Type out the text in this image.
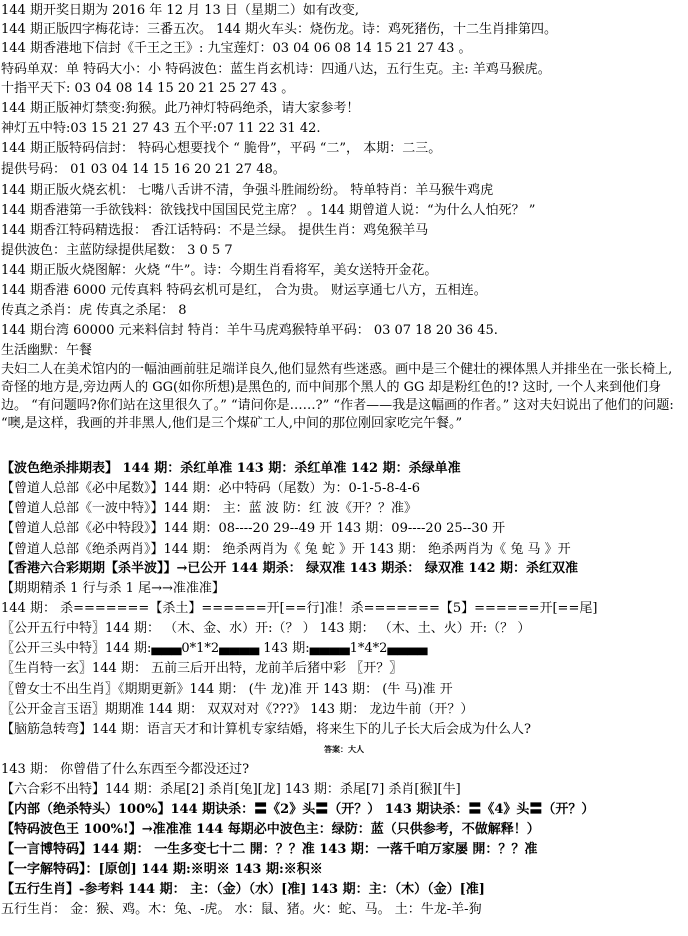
144 期开奖日期为 2016 年 12 月 13 日（星期二）如有改变,
144 期正版四字梅花诗：三番五次。 144 期火车头：烧伤龙。诗：鸡死猪伤，十二生肖排第四。
144 期香港地下信封《千王之王》: 九宝莲灯：03 04 06 08 14 15 21 27 43 。
特码单双：单 特码大小：小 特码波色：蓝生肖玄机诗：四通八达，五行生克。主: 羊鸡马猴虎。
十指平天下: 03 04 08 14 15 20 21 25 27 43 。
144 期正版神灯禁变:狗猴。此乃神灯特码绝杀，请大家参考！
神灯五中特:03 15 21 27 43 五个平:07 11 22 31 42.
144 期正版特码信封： 特码心想要找个 “ 脆骨”，平码 “二”， 本期：二三。
提供号码： 01 03 04 14 15 16 20 21 27 48。
144 期正版火烧玄机： 七嘴八舌讲不清，争强斗胜闹纷纷。 特单特肖：羊马猴牛鸡虎
144 期香港第一手欲钱料：欲钱找中国国民党主席？ 。144 期曾道人说：“为什么人怕死？ ”
144 期香江特码精选报： 香江话特码：不是兰绿。 提供生肖：鸡兔猴羊马
提供波色：主蓝防绿提供尾数： 3 0 5 7
144 期正版火烧图解：火烧 “牛”。诗：今期生肖看将军，美女送特开金花。
144 期香港 6000 元传真料 特码玄机可是红， 合为贵。 财运享通七八方，五相连。
传真之杀肖：虎 传真之杀尾： 8
144 期台湾 60000 元来料信封 特肖：羊牛马虎鸡猴特单平码： 03 07 18 20 36 45.
生活幽默：午餐
夫妇二人在美术馆内的一幅油画前驻足端详良久,他们显然有些迷惑。画中是三个健壮的裸体黑人并排坐在一张长椅上, 奇怪的地方是,旁边两人的 GG(如你所想)是黑色的, 而中间那个黑人的 GG 却是粉红色的!? 这时, 一个人来到他们身边。 “有问题吗?你们站在这里很久了。” “请问你是……?” “作者——我是这幅画的作者。” 这对夫妇说出了他们的问题: “噢,是这样，我画的并非黑人,他们是三个煤矿工人,中间的那位刚回家吃完午餐。”
【波色绝杀排期表】 144 期：杀红单准 143 期：杀红单准 142 期：杀绿单准
【曾道人总部《必中尾数》】144 期：必中特码（尾数）为：0-1-5-8-4-6
【曾道人总部《一波中特》】144 期： 主：蓝 波 防：红 波《开？？准》
【曾道人总部《必中特段》】144 期：08----20 29--49 开 143 期：09----20 25--30 开
【曾道人总部《绝杀两肖》】144 期： 绝杀两肖为《 兔 蛇 》开 143 期： 绝杀两肖为《 兔 马 》开
【香港六合彩期期【杀半波】】→已公开 144 期杀： 绿双准 143 期杀： 绿双准 142 期：杀红双准
【期期精杀 1 行与杀 1 尾→→准准准】
144 期： 杀=======【杀土】======开[==行]准！杀=======【5】======开[==尾]
〖公开五行中特〗144 期： （木、金、水）开:（？ ） 143 期： （木、土、火）开:（？ ）
〖公开三头中特〗144 期:▄▄▄0*1*2▄▄▄▄ 143 期:▄▄▄▄1*4*2▄▄▄▄
〖生肖特一玄〗144 期： 五前三后开出特，龙前羊后猪中彩 〖开？〗
〖曾女士不出生肖〗《期期更新》144 期： (牛 龙)准 开 143 期： (牛 马)准 开
〖公开金言玉语〗期期准 144 期： 双双对对《???》 143 期： 龙边牛前（开？）
【脑筋急转弯】144 期：语言天才和计算机专家结婚，将来生下的儿子长大后会成为什么人?
答案：大人
143 期： 你曾借了什么东西至今都没还过?
【六合彩不出特】144 期：杀尾[2] 杀肖[兔][龙] 143 期：杀尾[7] 杀肖[猴][牛]
【内部（绝杀特头）100%】144 期诀杀：〓《2》头〓（开？） 143 期诀杀：〓《4》头〓（开？）
【特码波色王 100%!】→准准准 144 每期必中波色主：绿防：蓝（只供参考，不做解释！）
【一言博特码】144 期： 一生多变七十二 開：？？准 143 期：一落千咱万家屡 開：？？准
【一字解特码】：[原创] 144 期:※明※ 143 期:※积※
【五行生肖】-参考料 144 期： 主：（金）（水）[准] 143 期：主：（木）（金）[准]
五行生肖： 金：猴、鸡。木：兔、-虎。 水：鼠、猪。火：蛇、马。 土：牛龙-羊-狗
